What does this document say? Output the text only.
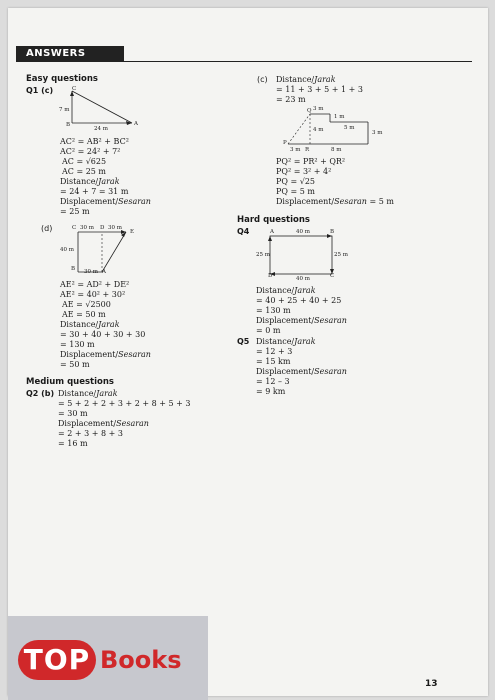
ANSWERS
Easy questions
Q1 (c)	C
B	A
7 m
24 m
AC² = AB² + BC²
AC² = 24² + 7²
AC = √625
AC = 25 m
Distance/Jarak
= 24 + 7 = 31 m
Displacement/Sesaran
= 25 m
(d)	C 30 m D 30 m
E
40 m
B 30 m A
AE² = AD² + DE²
AE² = 40² + 30²
AE = √2500
AE = 50 m
Distance/Jarak
= 30 + 40 + 30 + 30
= 130 m
Displacement/Sesaran
= 50 m
Medium questions
Q2 (b) Distance/Jarak
= 5 + 2 + 2 + 3 + 2 + 8 + 5 + 3
= 30 m
Displacement/Sesaran
= 2 + 3 + 8 + 3
= 16 m
(c) Distance/Jarak
= 11 + 3 + 5 + 1 + 3
= 23 m
Q 3 m
1 m
4 m	5 m
3 m
P
3 m R	8 m
PQ² = PR² + QR²
PQ² = 3² + 4²
PQ = √25
PQ = 5 m
Displacement/Sesaran = 5 m
Hard questions
Q4	A	40 m	B
25 m	25 m
D	40 m	C
Distance/Jarak
= 40 + 25 + 40 + 25
= 130 m
Displacement/Sesaran
= 0 m
Q5 Distance/Jarak
= 12 + 3
= 15 km
Displacement/Sesaran
= 12 – 3
= 9 km
TOP Books
13
